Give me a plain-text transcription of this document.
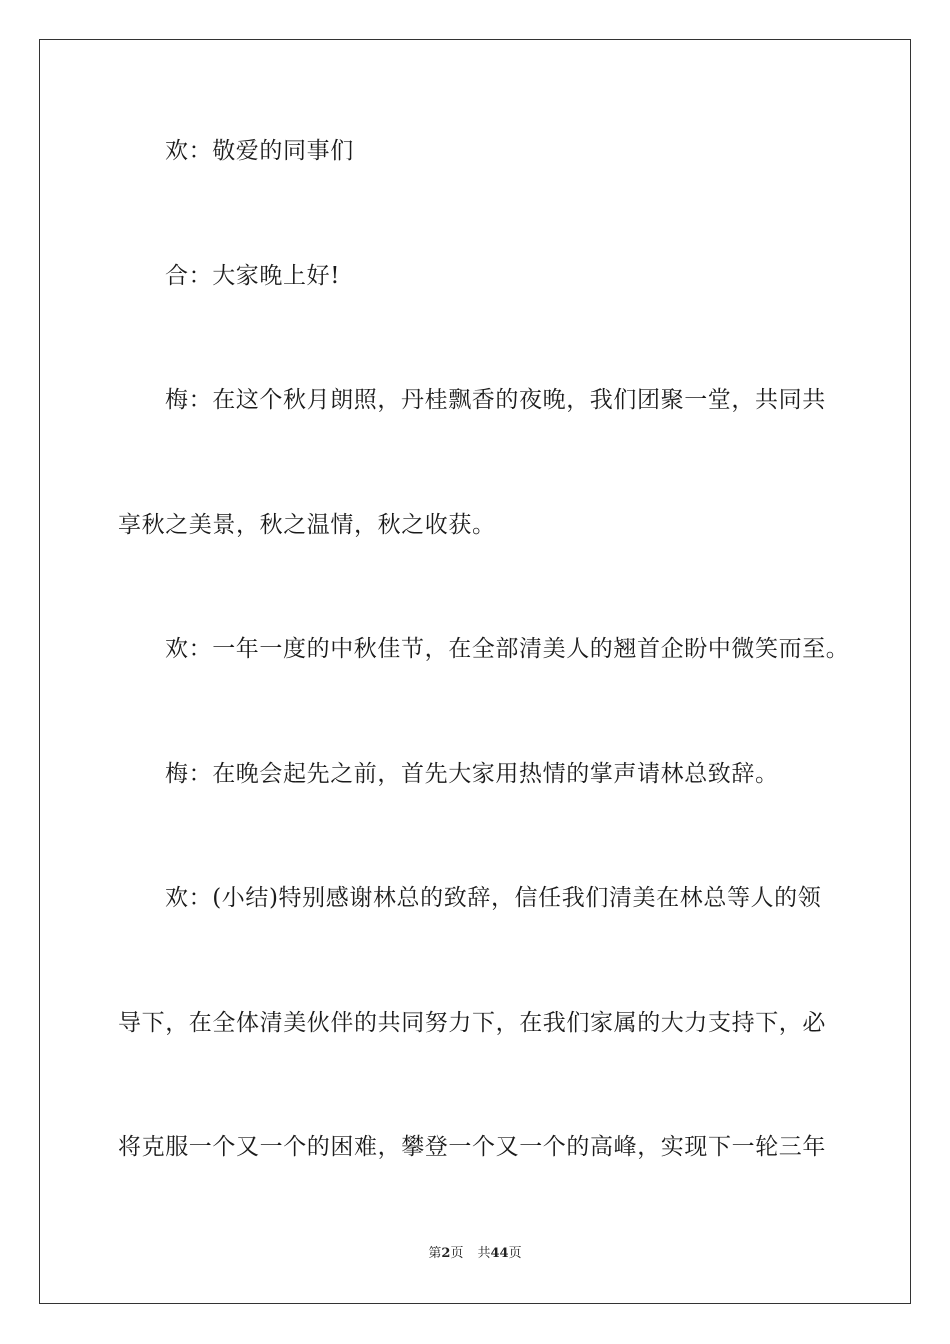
欢：敬爱的同事们
合：大家晚上好!
梅：在这个秋月朗照，丹桂飘香的夜晚，我们团聚一堂，共同共
享秋之美景，秋之温情，秋之收获。
欢：一年一度的中秋佳节，在全部清美人的翘首企盼中微笑而至。
梅：在晚会起先之前，首先大家用热情的掌声请林总致辞。
欢：(小结)特别感谢林总的致辞，信任我们清美在林总等人的领
导下，在全体清美伙伴的共同努力下，在我们家属的大力支持下，必
将克服一个又一个的困难，攀登一个又一个的高峰，实现下一轮三年
第2页 共44页
